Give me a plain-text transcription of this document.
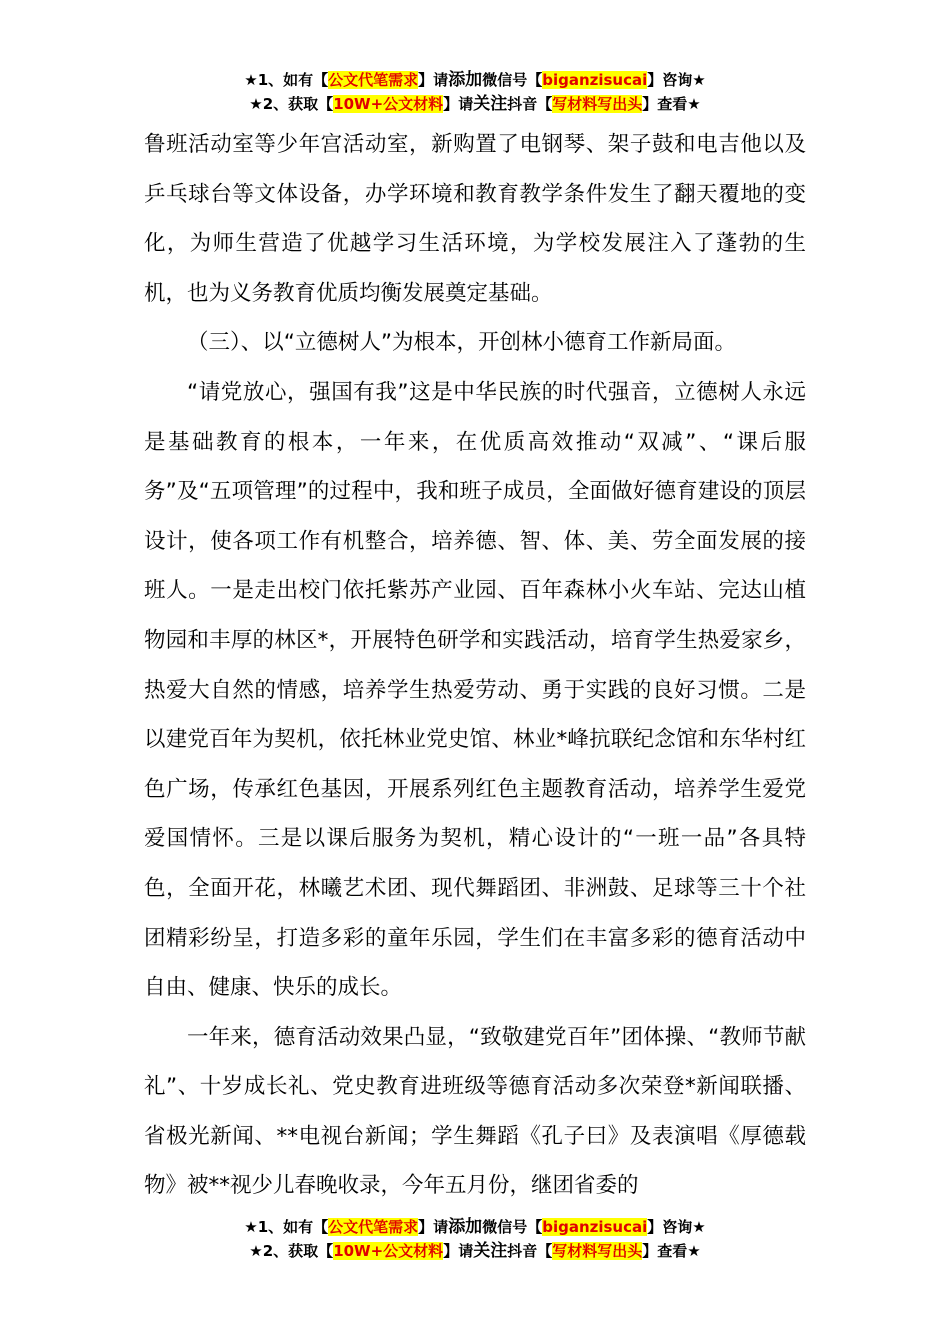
★1、如有【公文代笔需求】请添加微信号【biganzisucai】咨询★
★2、获取【10W+公文材料】请关注抖音【写材料写出头】查看★

鲁班活动室等少年宫活动室，新购置了电钢琴、架子鼓和电吉他以及乒乓球台等文体设备，办学环境和教育教学条件发生了翻天覆地的变化，为师生营造了优越学习生活环境，为学校发展注入了蓬勃的生机，也为义务教育优质均衡发展奠定基础。

（三）、以“立德树人”为根本，开创林小德育工作新局面。

“请党放心，强国有我”这是中华民族的时代强音，立德树人永远是基础教育的根本，一年来，在优质高效推动“双减”、“课后服务”及“五项管理”的过程中，我和班子成员，全面做好德育建设的顶层设计，使各项工作有机整合，培养德、智、体、美、劳全面发展的接班人。一是走出校门依托紫苏产业园、百年森林小火车站、完达山植物园和丰厚的林区*，开展特色研学和实践活动，培育学生热爱家乡，热爱大自然的情感，培养学生热爱劳动、勇于实践的良好习惯。二是以建党百年为契机，依托林业党史馆、林业*峰抗联纪念馆和东华村红色广场，传承红色基因，开展系列红色主题教育活动，培养学生爱党爱国情怀。三是以课后服务为契机，精心设计的“一班一品”各具特色，全面开花，林曦艺术团、现代舞蹈团、非洲鼓、足球等三十个社团精彩纷呈，打造多彩的童年乐园，学生们在丰富多彩的德育活动中自由、健康、快乐的成长。

一年来，德育活动效果凸显，“致敬建党百年”团体操、“教师节献礼”、十岁成长礼、党史教育进班级等德育活动多次荣登*新闻联播、省极光新闻、**电视台新闻；学生舞蹈《孔子曰》及表演唱《厚德载物》被**视少儿春晚收录，今年五月份，继团省委的

★1、如有【公文代笔需求】请添加微信号【biganzisucai】咨询★
★2、获取【10W+公文材料】请关注抖音【写材料写出头】查看★
